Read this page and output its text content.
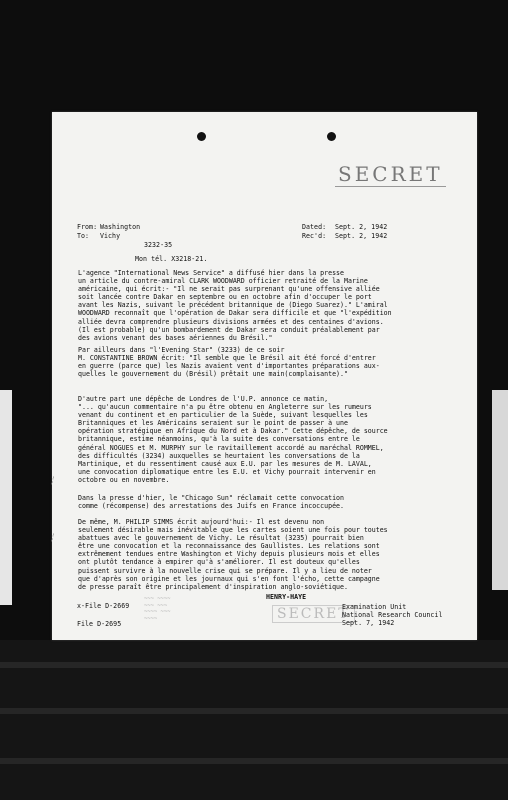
SECRET
From: Washington
To: Vichy
Dated: Sept. 2, 1942
Rec'd: Sept. 2, 1942
3232-35
Mon tél. X3218-21.
L'agence "International News Service" a diffusé hier dans la presse
un article du contre-amiral CLARK WOODWARD officier retraité de la Marine
américaine, qui écrit:- "Il ne serait pas surprenant qu'une offensive alliée
soit lancée contre Dakar en septembre ou en octobre afin d'occuper le port
avant les Nazis, suivant le précédent britannique de (Diego Suarez)." L'amiral
WOODWARD reconnaît que l'opération de Dakar sera difficile et que "l'expédition
alliée devra comprendre plusieurs divisions armées et des centaines d'avions.
(Il est probable) qu'un bombardement de Dakar sera conduit préalablement par
des avions venant des bases aériennes du Brésil."
Par ailleurs dans "l'Evening Star" (3233) de ce soir
M. CONSTANTINE BROWN écrit: "Il semble que le Brésil ait été forcé d'entrer
en guerre (parce que) les Nazis avaient vent d'importantes préparations aux-
quelles le gouvernement du (Brésil) prêtait une main(complaisante)."
D'autre part une dépêche de Londres de l'U.P. annonce ce matin,
"... qu'aucun commentaire n'a pu être obtenu en Angleterre sur les rumeurs
venant du continent et en particulier de la Suède, suivant lesquelles les
Britanniques et les Américains seraient sur le point de passer à une
opération stratégique en Afrique du Nord et à Dakar." Cette dépêche, de source
britannique, estime néanmoins, qu'à la suite des conversations entre le
général NOGUES et M. MURPHY sur le ravitaillement accordé au maréchal ROMMEL,
des difficultés (3234) auxquelles se heurtaient les conversations de la
Martinique, et du ressentiment causé aux E.U. par les mesures de M. LAVAL,
une convocation diplomatique entre les E.U. et Vichy pourrait intervenir en
octobre ou en novembre.
Dans la presse d'hier, le "Chicago Sun" réclamait cette convocation
comme (récompense) des arrestations des Juifs en France incoccupée.
De même, M. PHILIP SIMMS écrit aujourd'hui:- Il est devenu non
seulement désirable mais inévitable que les cartes soient une fois pour toutes
abattues avec le gouvernement de Vichy. Le résultat (3235) pourrait bien
être une convocation et la reconnaissance des Gaullistes. Les relations sont
extrêmement tendues entre Washington et Vichy depuis plusieurs mois et elles
ont plutôt tendance à empirer qu'à s'améliorer. Il est douteux qu'elles
puissent survivre à la nouvelle crise qui se prépare. Il y a lieu de noter
que d'après son origine et les journaux qui s'en font l'écho, cette campagne
de presse paraît être principalement d'inspiration anglo-soviétique.
~~
~~
x-File D-2669
File D-2695
~~~ ~~~~
~~~ ~~~
~~~~ ~~~
~~~~
HENRY-HAYE
SECRET
Examination Unit
National Research Council
Sept. 7, 1942
